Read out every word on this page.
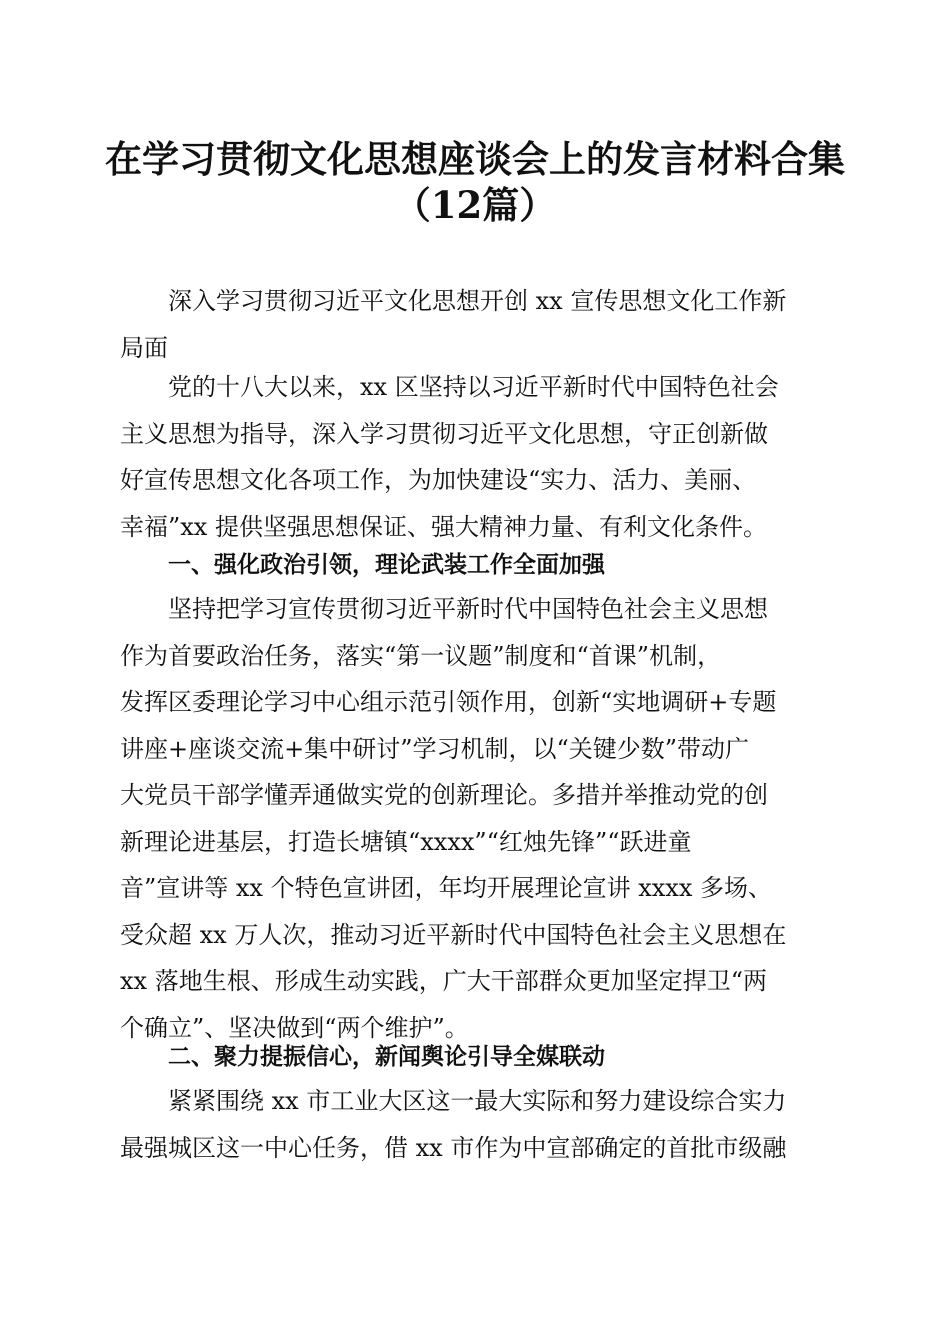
在学习贯彻文化思想座谈会上的发言材料合集
（12篇）
深入学习贯彻习近平文化思想开创 xx 宣传思想文化工作新
局面
党的十八大以来，xx 区坚持以习近平新时代中国特色社会
主义思想为指导，深入学习贯彻习近平文化思想，守正创新做
好宣传思想文化各项工作，为加快建设“实力、活力、美丽、
幸福”xx 提供坚强思想保证、强大精神力量、有利文化条件。
一、强化政治引领，理论武装工作全面加强
坚持把学习宣传贯彻习近平新时代中国特色社会主义思想
作为首要政治任务，落实“第一议题”制度和“首课”机制，
发挥区委理论学习中心组示范引领作用，创新“实地调研+专题
讲座+座谈交流+集中研讨”学习机制，以“关键少数”带动广
大党员干部学懂弄通做实党的创新理论。多措并举推动党的创
新理论进基层，打造长塘镇“xxxx”“红烛先锋”“跃进童
音”宣讲等 xx 个特色宣讲团，年均开展理论宣讲 xxxx 多场、
受众超 xx 万人次，推动习近平新时代中国特色社会主义思想在
xx 落地生根、形成生动实践，广大干部群众更加坚定捍卫“两
个确立”、坚决做到“两个维护”。
二、聚力提振信心，新闻舆论引导全媒联动
紧紧围绕 xx 市工业大区这一最大实际和努力建设综合实力
最强城区这一中心任务，借 xx 市作为中宣部确定的首批市级融
